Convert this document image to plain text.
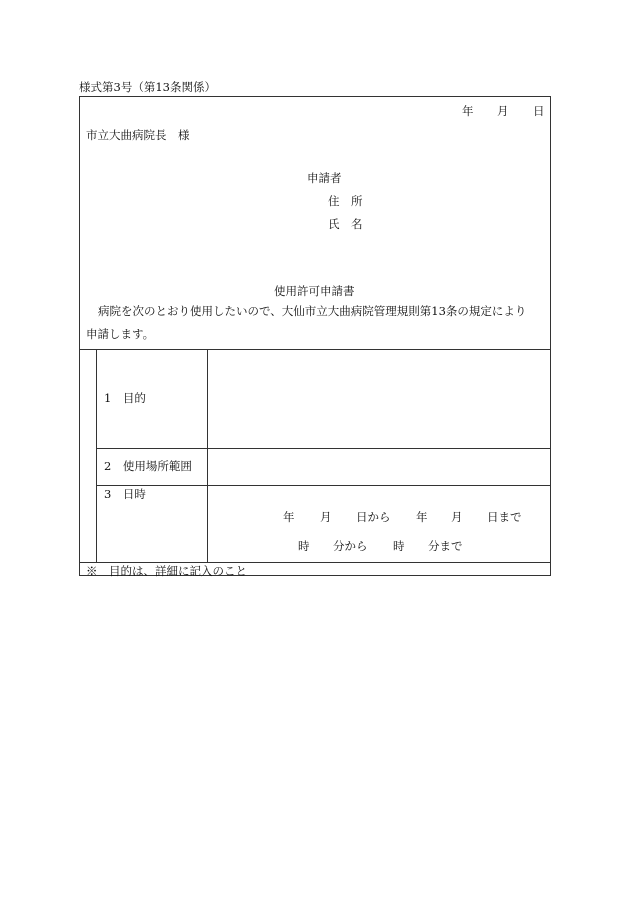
様式第3号（第13条関係）
年 月 日
市立大曲病院長　様
申請者
住　所
氏　名
使用許可申請書
病院を次のとおり使用したいので、大仙市立大曲病院管理規則第13条の規定により
申請します。
1　目的
2　使用場所範囲
3　日時
年 月 日から 年 月 日まで
時 分から 時 分まで
※　目的は、詳細に記入のこと
